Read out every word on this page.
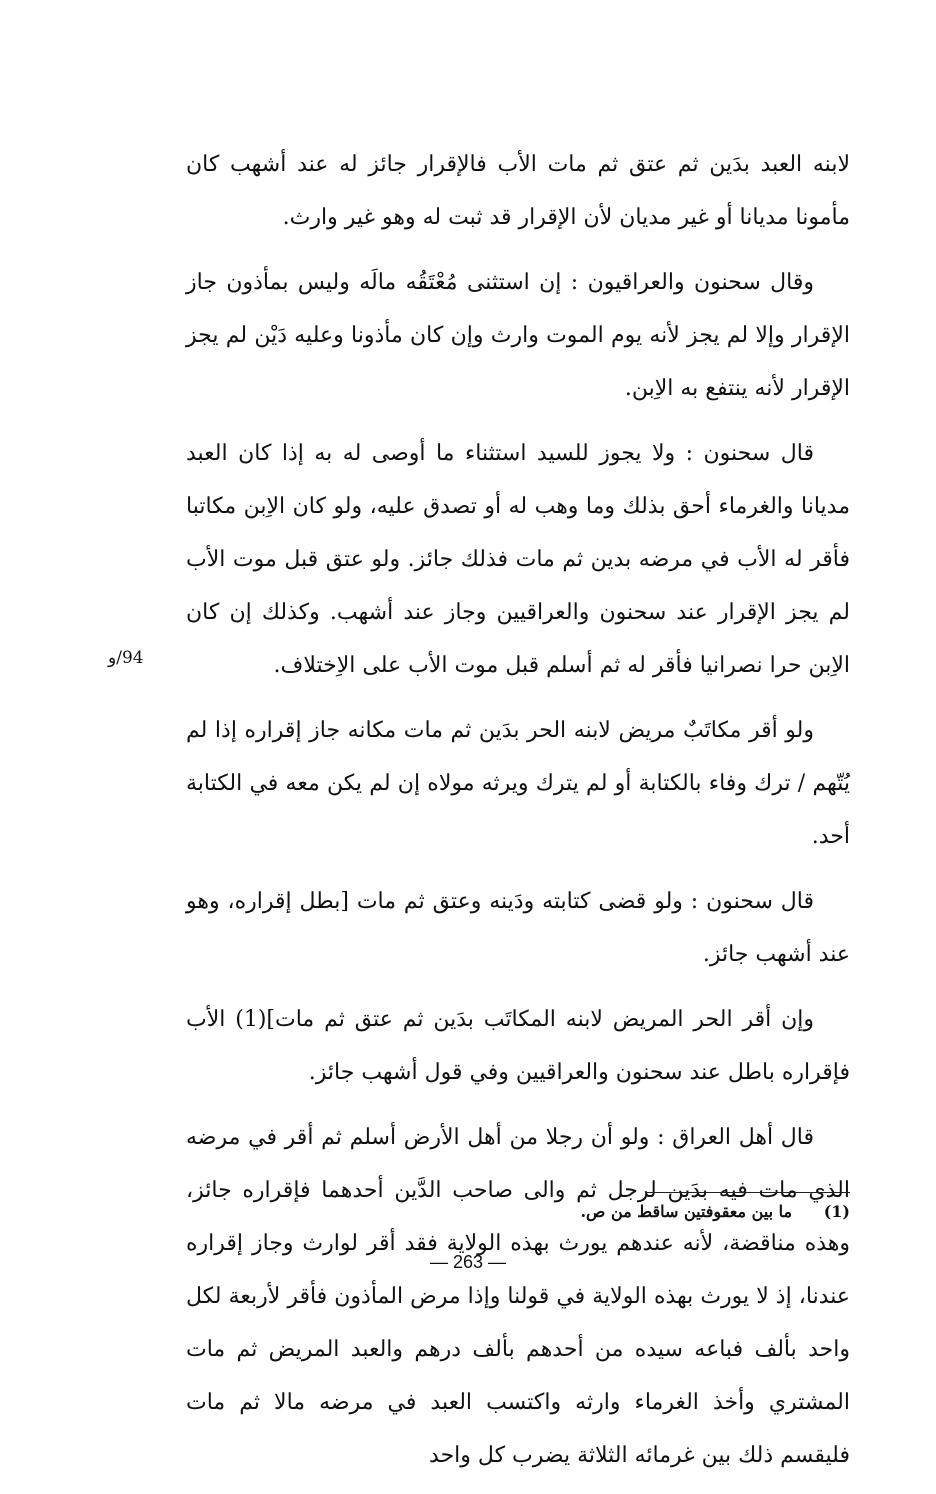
لابنه العبد بدَين ثم عتق ثم مات الأب فالإقرار جائز له عند أشهب كان مأمونا مديانا أو غير مديان لأن الإقرار قد ثبت له وهو غير وارث.

وقال سحنون والعراقيون : إن استثنى مُعْتَقُه مالَه وليس بمأذون جاز الإقرار وإلا لم يجز لأنه يوم الموت وارث وإن كان مأذونا وعليه دَيْن لم يجز الإقرار لأنه ينتفع به الاِبن.

قال سحنون : ولا يجوز للسيد استثناء ما أوصى له به إذا كان العبد مديانا والغرماء أحق بذلك وما وهب له أو تصدق عليه، ولو كان الاِبن مكاتبا فأقر له الأب في مرضه بدين ثم مات فذلك جائز. ولو عتق قبل موت الأب لم يجز الإقرار عند سحنون والعراقيين وجاز عند أشهب. وكذلك إن كان الاِبن حرا نصرانيا فأقر له ثم أسلم قبل موت الأب على الاِختلاف.

ولو أقر مكاتَبٌ مريض لابنه الحر بدَين ثم مات مكانه جاز إقراره إذا لم يُتّهم / ترك وفاء بالكتابة أو لم يترك ويرثه مولاه إن لم يكن معه في الكتابة أحد.

قال سحنون : ولو قضى كتابته ودَينه وعتق ثم مات [بطل إقراره، وهو عند أشهب جائز.

وإن أقر الحر المريض لابنه المكاتَب بدَين ثم عتق ثم مات](1) الأب فإقراره باطل عند سحنون والعراقيين وفي قول أشهب جائز.

قال أهل العراق : ولو أن رجلا من أهل الأرض أسلم ثم أقر في مرضه الذي مات فيه بدَين لرجل ثم والى صاحب الدَّين أحدهما فإقراره جائز، وهذه مناقضة، لأنه عندهم يورث بهذه الولاية فقد أقر لوارث وجاز إقراره عندنا، إذ لا يورث بهذه الولاية في قولنا وإذا مرض المأذون فأقر لأربعة لكل واحد بألف فباعه سيده من أحدهم بألف درهم والعبد المريض ثم مات المشتري وأخذ الغرماء وارثه واكتسب العبد في مرضه مالا ثم مات فليقسم ذلك بين غرمائه الثلاثة يضرب كل واحد

94/و
(1) ما بين معقوفتين ساقط من ص.
— 263 —
